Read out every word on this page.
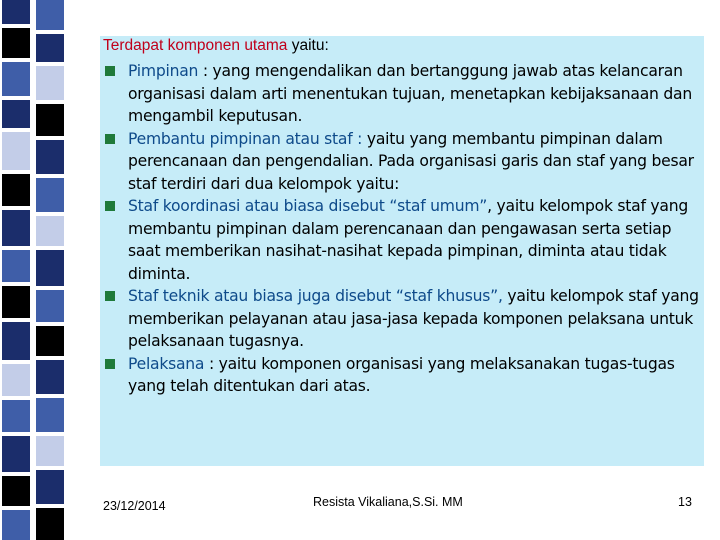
Terdapat komponen utama yaitu:
Pimpinan : yang mengendalikan dan bertanggung jawab atas kelancaran organisasi dalam arti menentukan tujuan, menetapkan kebijaksanaan dan mengambil keputusan.
Pembantu pimpinan atau staf : yaitu yang membantu pimpinan dalam perencanaan dan pengendalian. Pada organisasi garis dan staf yang besar staf terdiri dari dua kelompok yaitu:
Staf koordinasi atau biasa disebut “staf umum”, yaitu kelompok staf yang membantu pimpinan dalam perencanaan dan pengawasan serta setiap saat memberikan nasihat-nasihat kepada pimpinan, diminta atau tidak diminta.
Staf teknik atau biasa juga disebut “staf khusus”, yaitu kelompok staf yang memberikan pelayanan atau jasa-jasa kepada komponen pelaksana untuk pelaksanaan tugasnya.
Pelaksana : yaitu komponen organisasi yang melaksanakan tugas-tugas yang telah ditentukan dari atas.
23/12/2014	Resista Vikaliana,S.Si. MM	13
